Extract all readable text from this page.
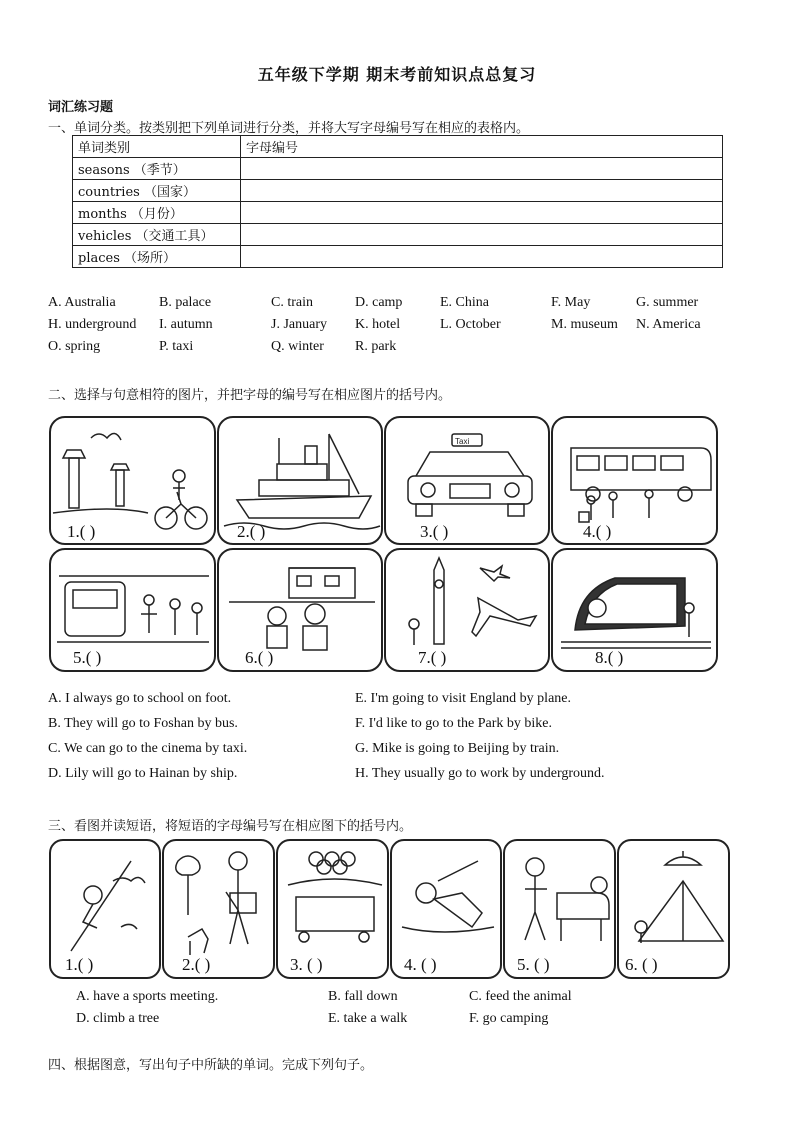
五年级下学期 期末考前知识点总复习
词汇练习题
一、单词分类。按类别把下列单词进行分类，并将大写字母编号写在相应的表格内。
单词类别	字母编号
seasons （季节）	
countries （国家）	
months （月份）	
vehicles （交通工具）	
places （场所）	
A. Australia	B. palace	C. train	D. camp	E. China	F. May	G. summer
H. underground I. autumn	J. January K. hotel	L. October	M. museum N. America
O. spring	P. taxi	Q. winter R. park
二、选择与句意相符的图片，并把字母的编号写在相应图片的括号内。
1.( )	2.( )
Taxi
3.( )	4.( )
5.( )	6.( )	7.( )	8.( )
A. I always go to school on foot.
B. They will go to Foshan by bus.
C. We can go to the cinema by taxi.
D. Lily will go to Hainan by ship.
E. I'm going to visit England by plane.
F. I'd like to go to the Park by bike.
G. Mike is going to Beijing by train.
H. They usually go to work by underground.
三、看图并读短语，将短语的字母编号写在相应图下的括号内。
1.( )	2.( )	3. ( )	4. ( )	5. ( )	6. ( )
A. have a sports meeting.	B. fall down	C. feed the animal
D. climb a tree	E. take a walk	F. go camping
四、根据图意，写出句子中所缺的单词。完成下列句子。
